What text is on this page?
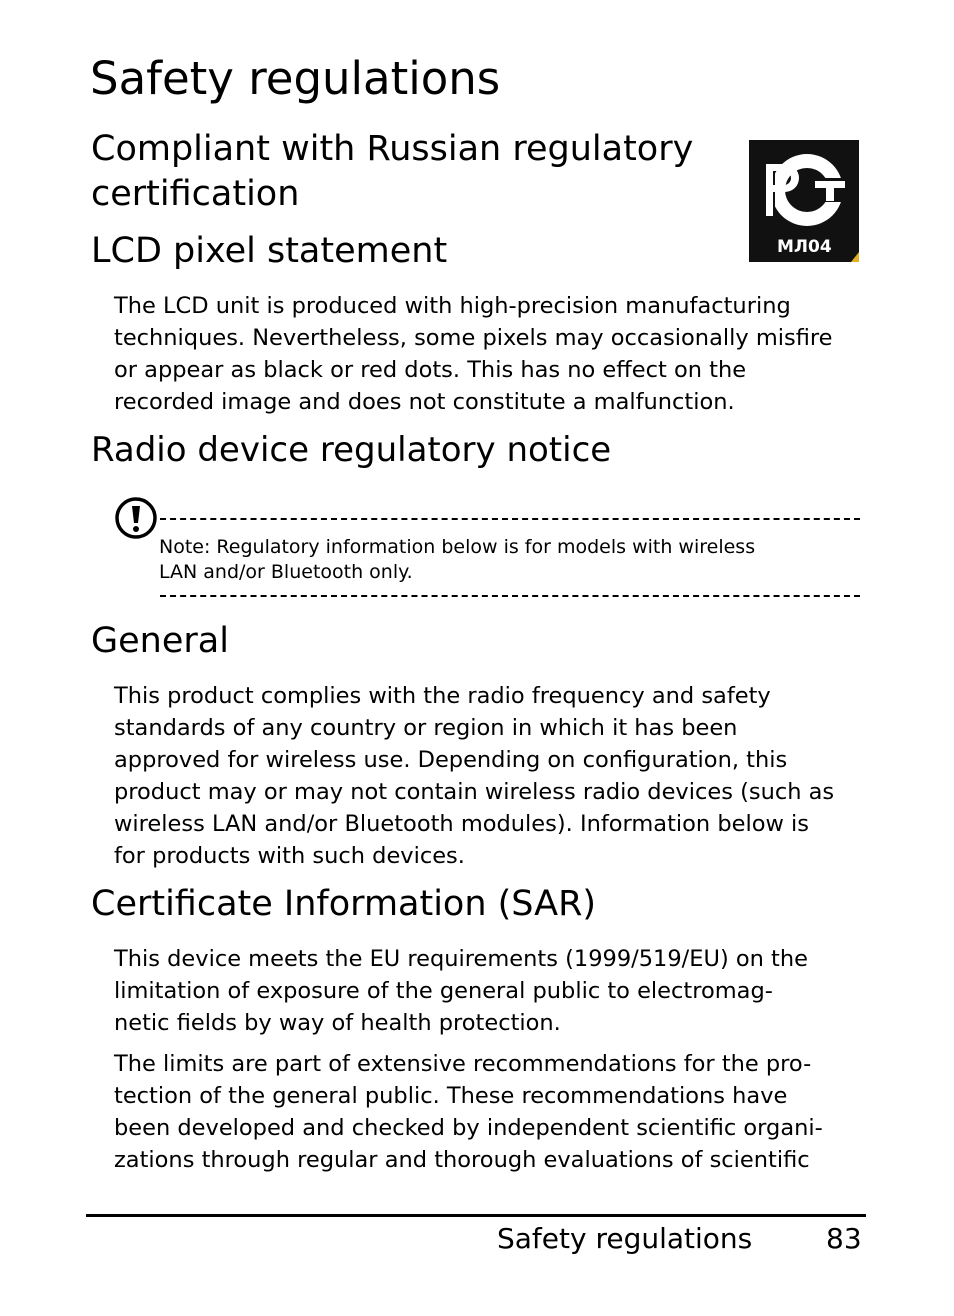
Safety regulations
Compliant with Russian regulatory
certification
МЛ04
LCD pixel statement

The LCD unit is produced with high-precision manufacturing
techniques. Nevertheless, some pixels may occasionally misfire
or appear as black or red dots. This has no effect on the
recorded image and does not constitute a malfunction.

Radio device regulatory notice
Note: Regulatory information below is for models with wireless
LAN and/or Bluetooth only.
General

This product complies with the radio frequency and safety
standards of any country or region in which it has been
approved for wireless use. Depending on configuration, this
product may or may not contain wireless radio devices (such as
wireless LAN and/or Bluetooth modules). Information below is
for products with such devices.

Certificate Information (SAR)

This device meets the EU requirements (1999/519/EU) on the
limitation of exposure of the general public to electromag-
netic fields by way of health protection.

The limits are part of extensive recommendations for the pro-
tection of the general public. These recommendations have
been developed and checked by independent scientific organi-
zations through regular and thorough evaluations of scientific

Safety regulations	83
